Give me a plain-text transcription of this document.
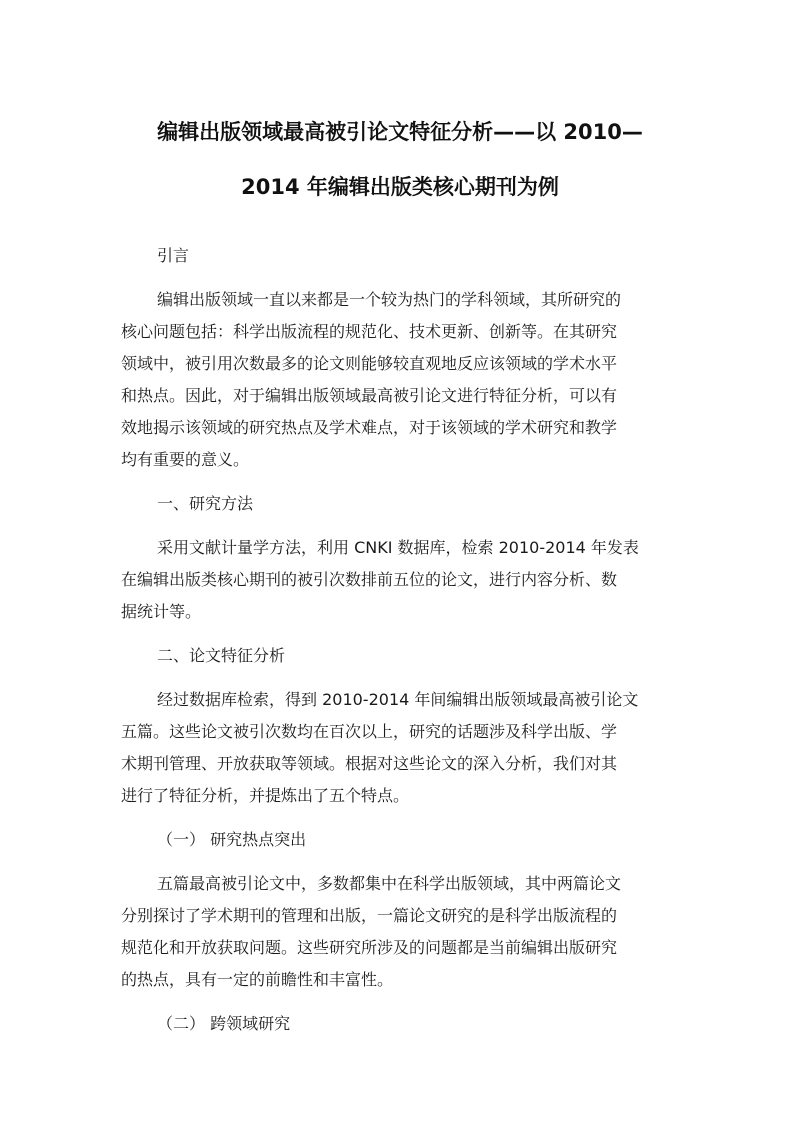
编辑出版领域最高被引论文特征分析——以 2010—
2014 年编辑出版类核心期刊为例
引言
编辑出版领域一直以来都是一个较为热门的学科领域，其所研究的
核心问题包括：科学出版流程的规范化、技术更新、创新等。在其研究
领域中，被引用次数最多的论文则能够较直观地反应该领域的学术水平
和热点。因此，对于编辑出版领域最高被引论文进行特征分析，可以有
效地揭示该领域的研究热点及学术难点，对于该领域的学术研究和教学
均有重要的意义。
一、研究方法
采用文献计量学方法，利用 CNKI 数据库，检索 2010-2014 年发表
在编辑出版类核心期刊的被引次数排前五位的论文，进行内容分析、数
据统计等。
二、论文特征分析
经过数据库检索，得到 2010-2014 年间编辑出版领域最高被引论文
五篇。这些论文被引次数均在百次以上，研究的话题涉及科学出版、学
术期刊管理、开放获取等领域。根据对这些论文的深入分析，我们对其
进行了特征分析，并提炼出了五个特点。
（一） 研究热点突出
五篇最高被引论文中，多数都集中在科学出版领域，其中两篇论文
分别探讨了学术期刊的管理和出版，一篇论文研究的是科学出版流程的
规范化和开放获取问题。这些研究所涉及的问题都是当前编辑出版研究
的热点，具有一定的前瞻性和丰富性。
（二） 跨领域研究
